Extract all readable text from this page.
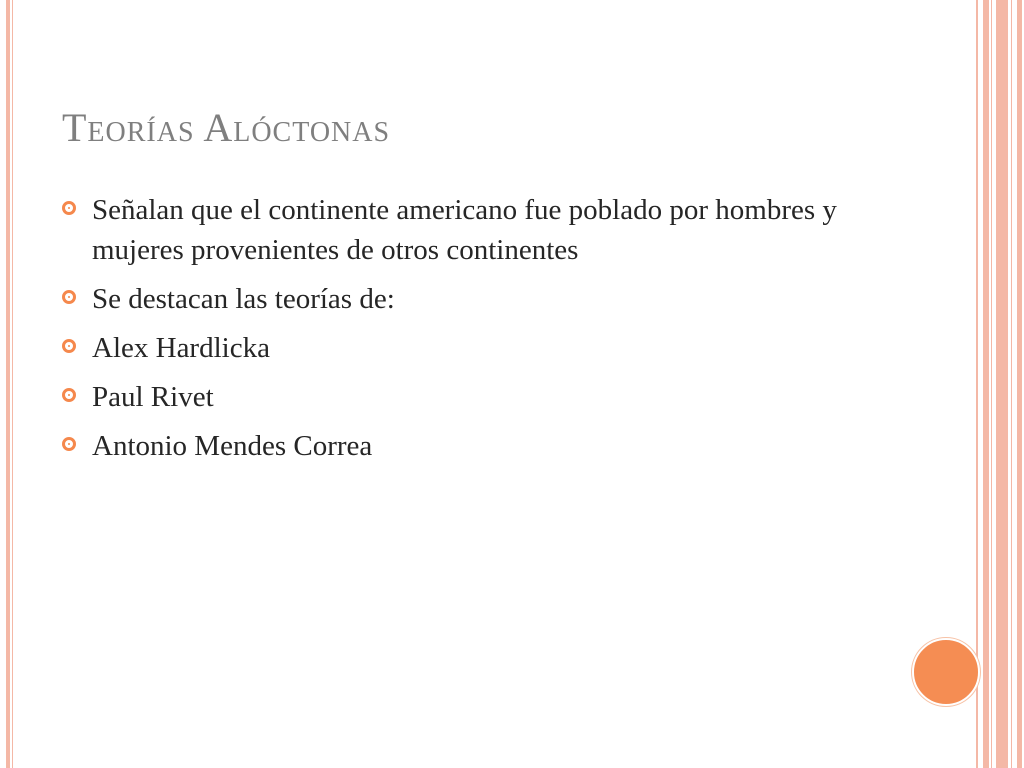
Teorías Alóctonas
Señalan que el continente americano fue poblado por hombres y mujeres provenientes de otros continentes
Se destacan las teorías de:
Alex Hardlicka
Paul Rivet
Antonio Mendes Correa
